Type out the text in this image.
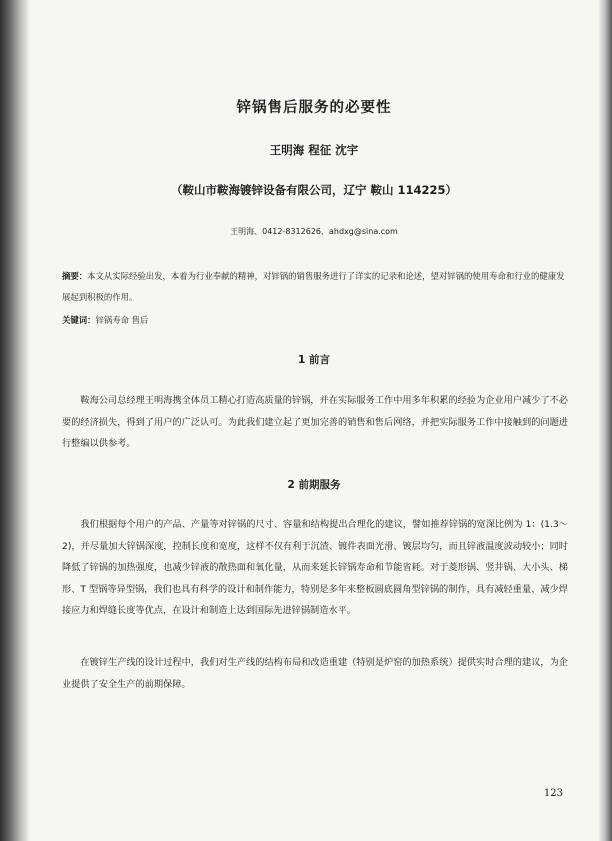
锌锅售后服务的必要性

王明海 程征 沈宇

（鞍山市鞍海镀锌设备有限公司，辽宁 鞍山 114225）

王明海、0412-8312626、ahdxg@sina.com

摘要：本文从实际经验出发，本着为行业奉献的精神，对锌锅的销售服务进行了详实的记录和论述，望对锌锅的使用寿命和行业的健康发展起到积极的作用。

关键词：锌锅寿命 售后

1 前言

鞍海公司总经理王明海携全体员工精心打造高质量的锌锅，并在实际服务工作中用多年积累的经验为企业用户减少了不必要的经济损失，得到了用户的广泛认可。为此我们建立起了更加完善的销售和售后网络，并把实际服务工作中接触到的问题进行整编以供参考。

2 前期服务

我们根据每个用户的产品、产量等对锌锅的尺寸、容量和结构提出合理化的建议，譬如推荐锌锅的宽深比例为 1：(1.3～2)，并尽量加大锌锅深度，控制长度和宽度，这样不仅有利于沉渣、镀件表面光滑、镀层均匀，而且锌液温度波动较小；同时降低了锌锅的加热强度，也减少锌液的散热面和氧化量，从而来延长锌锅寿命和节能省耗。对于菱形锅、竖井锅、大小头、梯形、T 型锅等异型锅，我们也具有科学的设计和制作能力，特别是多年来整板圆底圆角型锌锅的制作，具有减轻重量、减少焊接应力和焊缝长度等优点，在设计和制造上达到国际先进锌锅制造水平。

在镀锌生产线的设计过程中，我们对生产线的结构布局和改造重建（特别是炉窑的加热系统）提供实时合理的建议，为企业提供了安全生产的前期保障。

123
